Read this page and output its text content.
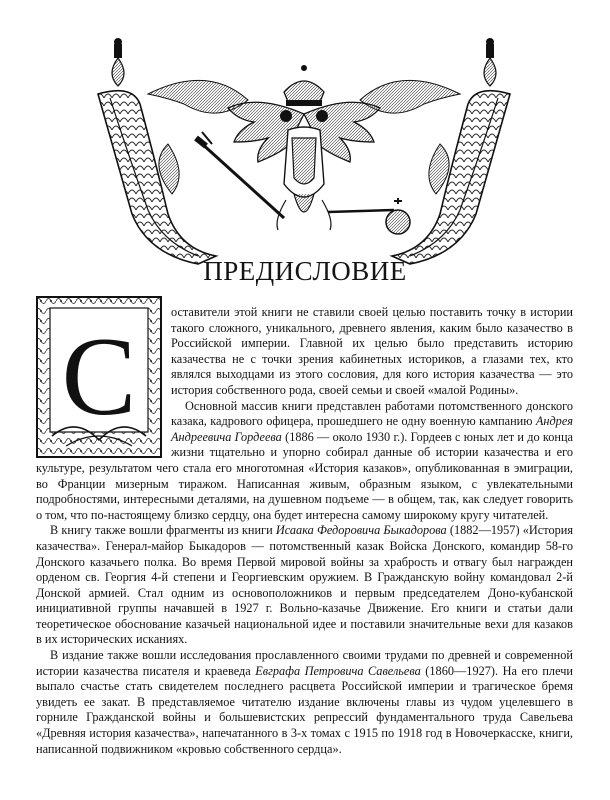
ПРЕДИСЛОВИЕ
С

оставители этой книги не ставили своей целью поставить точку в истории такого сложного, уникального, древнего явления, каким было казачество в Российской империи. Главной их целью было представить историю казачества не с точки зрения кабинетных историков, а глазами тех, кто являлся выходцами из этого сословия, для кого история казачества — это история собственного рода, своей семьи и своей «малой Родины».

Основной массив книги представлен работами потомственного донского казака, кадрового офицера, прошедшего не одну военную кампанию Андрея Андреевича Гордеева (1886 — около 1930 г.). Гордеев с юных лет и до конца жизни тщательно и упорно собирал данные об истории казачества и его культуре, результатом чего стала его многотомная «История казаков», опубликованная в эмиграции, во Франции мизерным тиражом. Написанная живым, образным языком, с увлекательными подробностями, интересными деталями, на душевном подъеме — в общем, так, как следует говорить о том, что по-настоящему близко сердцу, она будет интересна самому широкому кругу читателей.

В книгу также вошли фрагменты из книги Исаака Федоровича Быкадорова (1882—1957) «История казачества». Генерал-майор Быкадоров — потомственный казак Войска Донского, командир 58-го Донского казачьего полка. Во время Первой мировой войны за храбрость и отвагу был награжден орденом св. Георгия 4-й степени и Георгиевским оружием. В Гражданскую войну командовал 2-й Донской армией. Стал одним из основоположников и первым председателем Доно-кубанской инициативной группы начавшей в 1927 г. Вольно-казачье Движение. Его книги и статьи дали теоретическое обоснование казачьей национальной идее и поставили значительные вехи для казаков в их исторических исканиях.

В издание также вошли исследования прославленного своими трудами по древней и современной истории казачества писателя и краеведа Евграфа Петровича Савельева (1860—1927). На его плечи выпало счастье стать свидетелем последнего расцвета Российской империи и трагическое бремя увидеть ее закат. В представляемое читателю издание включены главы из чудом уцелевшего в горниле Гражданской войны и большевистских репрессий фундаментального труда Савельева «Древняя история казачества», напечатанного в 3-х томах с 1915 по 1918 год в Новочеркасске, книги, написанной подвижником «кровью собственного сердца».
